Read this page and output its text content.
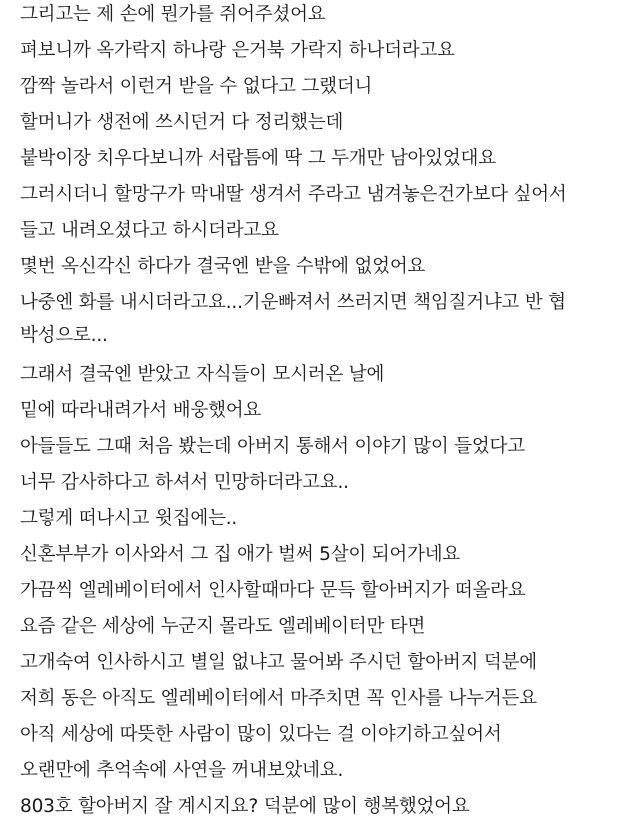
그리고는 제 손에 뭔가를 쥐어주셨어요
펴보니까 옥가락지 하나랑 은거북 가락지 하나더라고요
깜짝 놀라서 이런거 받을 수 없다고 그랬더니
할머니가 생전에 쓰시던거 다 정리했는데
붙박이장 치우다보니까 서랍틈에 딱 그 두개만 남아있었대요
그러시더니 할망구가 막내딸 생겨서 주라고 냄겨놓은건가보다 싶어서
들고 내려오셨다고 하시더라고요
몇번 옥신각신 하다가 결국엔 받을 수밖에 없었어요
나중엔 화를 내시더라고요...기운빠져서 쓰러지면 책임질거냐고 반 협
박성으로...
그래서 결국엔 받았고 자식들이 모시러온 날에
밑에 따라내려가서 배웅했어요
아들들도 그때 처음 봤는데 아버지 통해서 이야기 많이 들었다고
너무 감사하다고 하셔서 민망하더라고요..
그렇게 떠나시고 윗집에는..
신혼부부가 이사와서 그 집 애가 벌써 5살이 되어가네요
가끔씩 엘레베이터에서 인사할때마다 문득 할아버지가 떠올라요
요즘 같은 세상에 누군지 몰라도 엘레베이터만 타면
고개숙여 인사하시고 별일 없냐고 물어봐 주시던 할아버지 덕분에
저희 동은 아직도 엘레베이터에서 마주치면 꼭 인사를 나누거든요
아직 세상에 따뜻한 사람이 많이 있다는 걸 이야기하고싶어서
오랜만에 추억속에 사연을 꺼내보았네요.
803호 할아버지 잘 계시지요? 덕분에 많이 행복했었어요
